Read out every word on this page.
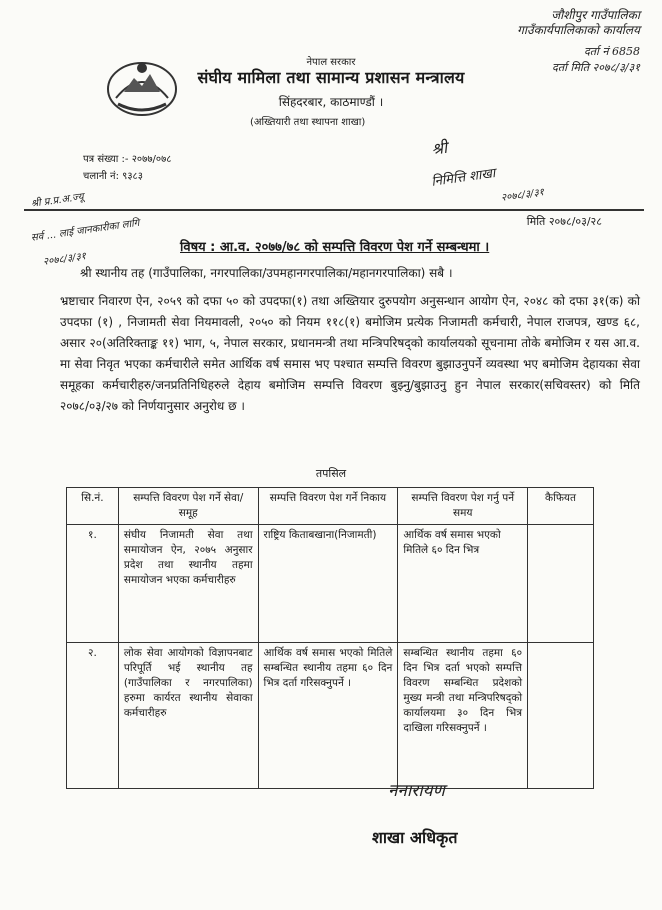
जौशीपुर गाउँपालिका
गाउँकार्यपालिकाको कार्यालय
दर्ता नं 6858
दर्ता मिति २०७८/३/३१
नेपाल सरकार
संघीय मामिला तथा सामान्य प्रशासन मन्त्रालय
सिंहदरबार, काठमाण्डौं ।
(अख्तियारी तथा स्थापना शाखा)
पत्र संख्या :- २०७७/०७८
चलानी नं: ९३८३
श्री प्र.प्र.अ.ज्यू
सर्व ... लाई जानकारीका लागि
२०७८/३/३१
श्री
निमित्ति शाखा
२०७८/३/३१
मिति २०७८/०३/२८
विषय : आ.व. २०७७/७८ को सम्पत्ति विवरण पेश गर्ने सम्बन्धमा ।
श्री स्थानीय तह (गाउँपालिका, नगरपालिका/उपमहानगरपालिका/महानगरपालिका) सबै ।
भ्रष्टाचार निवारण ऐन, २०५९ को दफा ५० को उपदफा(१) तथा अख्तियार दुरुपयोग अनुसन्धान आयोग ऐन, २०४८ को दफा ३१(क) को उपदफा (१) , निजामती सेवा नियमावली, २०५० को नियम ११८(१) बमोजिम प्रत्येक निजामती कर्मचारी, नेपाल राजपत्र, खण्ड ६८, असार २०(अतिरिक्ताङ्क ११) भाग, ५, नेपाल सरकार, प्रधानमन्त्री तथा मन्त्रिपरिषद्को कार्यालयको सूचनामा तोके बमोजिम र यस आ.व. मा सेवा निवृत भएका कर्मचारीले समेत आर्थिक वर्ष समास भए पश्चात सम्पत्ति विवरण बुझाउनुपर्ने व्यवस्था भए बमोजिम देहायका सेवा समूहका कर्मचारीहरु/जनप्रतिनिधिहरुले देहाय बमोजिम सम्पत्ति विवरण बुझ्नु/बुझाउनु हुन नेपाल सरकार(सचिवस्तर) को मिति २०७८/०३/२७ को निर्णयानुसार अनुरोध छ ।
तपसिल
सि.नं.	सम्पत्ति विवरण पेश गर्ने सेवा/समूह	सम्पत्ति विवरण पेश गर्ने निकाय	सम्पत्ति विवरण पेश गर्नु पर्ने समय	कैफियत
१.	संघीय निजामती सेवा तथा समायोजन ऐन, २०७५ अनुसार प्रदेश तथा स्थानीय तहमा समायोजन भएका कर्मचारीहरु	राष्ट्रिय किताबखाना(निजामती)	आर्थिक वर्ष समास भएको मितिले ६० दिन भित्र	
२.	लोक सेवा आयोगको विज्ञापनबाट परिपूर्ति भई स्थानीय तह (गाउँपालिका र नगरपालिका) हरुमा कार्यरत स्थानीय सेवाका कर्मचारीहरु	आर्थिक वर्ष समास भएको मितिले सम्बन्धित स्थानीय तहमा ६० दिन भित्र दर्ता गरिसक्नुपर्ने ।	सम्बन्धित स्थानीय तहमा ६० दिन भित्र दर्ता भएको सम्पत्ति विवरण सम्बन्धित प्रदेशको मुख्य मन्त्री तथा मन्त्रिपरिषद्को कार्यालयमा ३० दिन भित्र दाखिला गरिसक्नुपर्ने ।	
ननारायण
शाखा अधिकृत
